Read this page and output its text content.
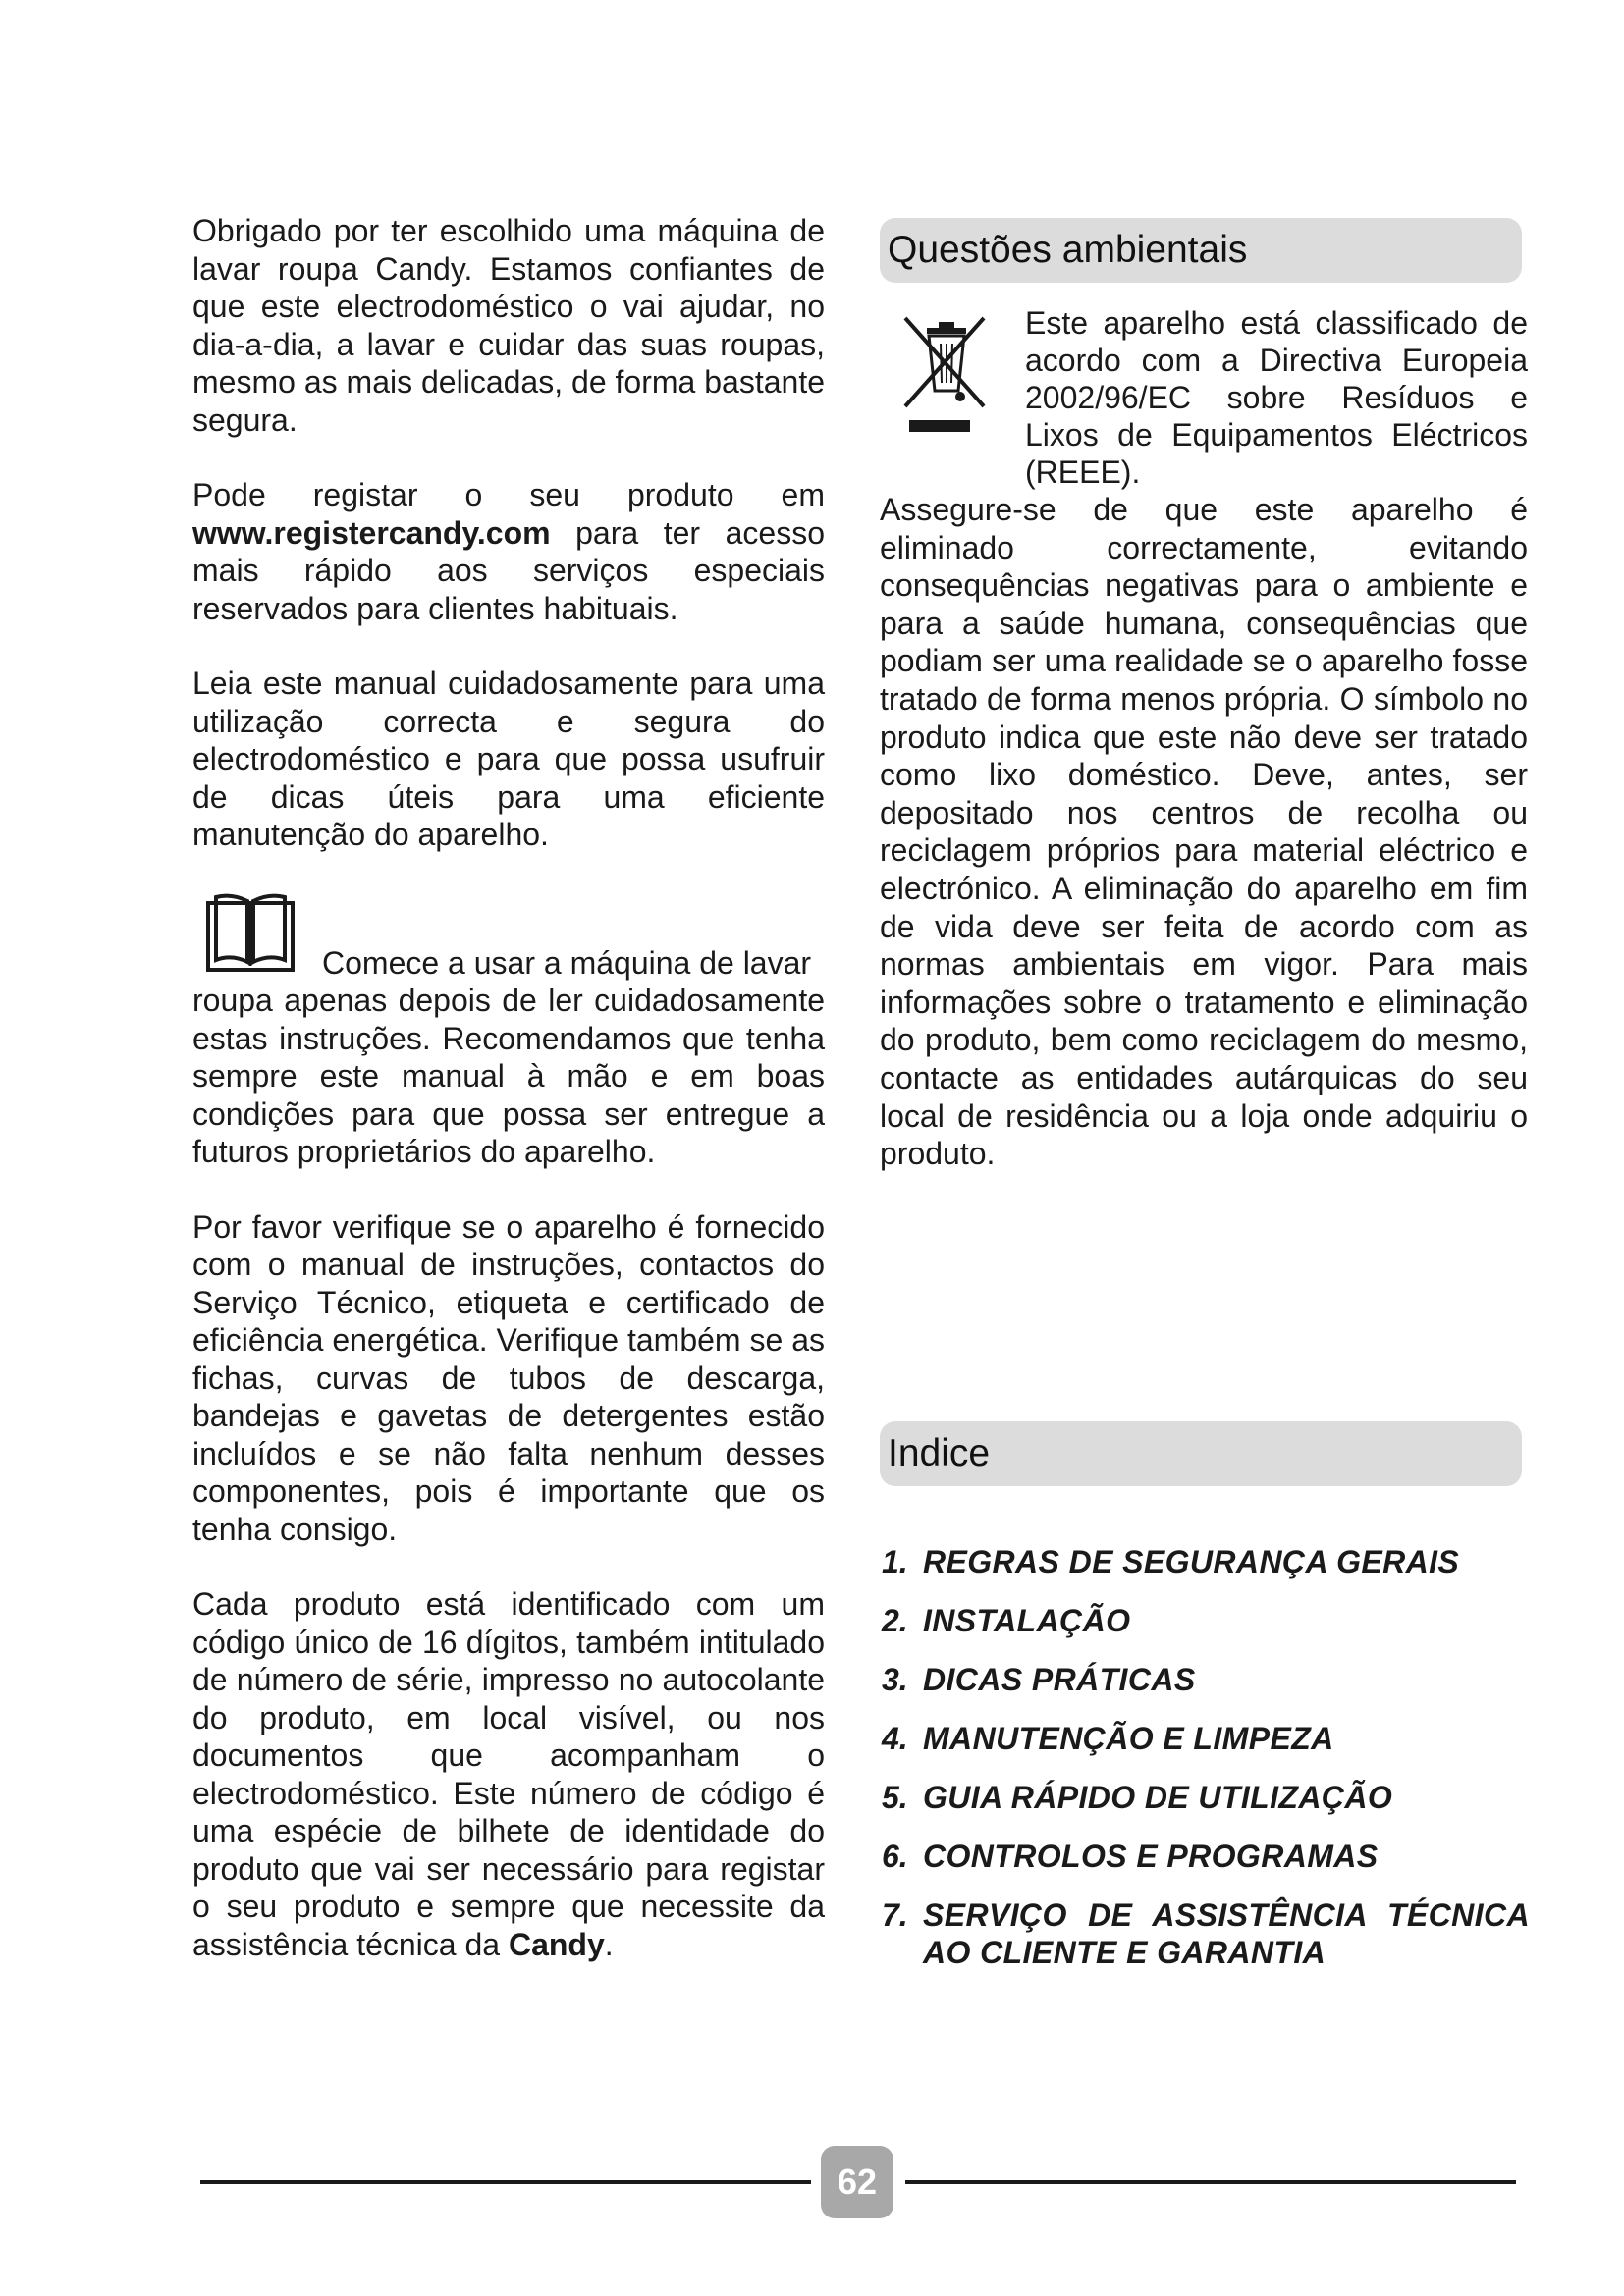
Obrigado por ter escolhido uma máquina de lavar roupa Candy. Estamos confiantes de que este electrodoméstico o vai ajudar, no dia-a-dia, a lavar e cuidar das suas roupas, mesmo as mais delicadas, de forma bastante segura.

Pode registar o seu produto em www.registercandy.com para ter acesso mais rápido aos serviços especiais reservados para clientes habituais.

Leia este manual cuidadosamente para uma utilização correcta e segura do electrodoméstico e para que possa usufruir de dicas úteis para uma eficiente manutenção do aparelho.

Comece a usar a máquina de lavar

roupa apenas depois de ler cuidadosamente estas instruções. Recomendamos que tenha sempre este manual à mão e em boas condições para que possa ser entregue a futuros proprietários do aparelho.

Por favor verifique se o aparelho é fornecido com o manual de instruções, contactos do Serviço Técnico, etiqueta e certificado de eficiência energética. Verifique também se as fichas, curvas de tubos de descarga, bandejas e gavetas de detergentes estão incluídos e se não falta nenhum desses componentes, pois é importante que os tenha consigo.

Cada produto está identificado com um código único de 16 dígitos, também intitulado de número de série, impresso no autocolante do produto, em local visível, ou nos documentos que acompanham o electrodoméstico. Este número de código é uma espécie de bilhete de identidade do produto que vai ser necessário para registar o seu produto e sempre que necessite da assistência técnica da Candy.

Questões ambientais
Este aparelho está classificado de acordo com a Directiva Europeia 2002/96/EC sobre Resíduos e Lixos de Equipamentos Eléctricos (REEE).

Assegure-se de que este aparelho é eliminado correctamente, evitando consequências negativas para o ambiente e para a saúde humana, consequências que podiam ser uma realidade se o aparelho fosse tratado de forma menos própria. O símbolo no produto indica que este não deve ser tratado como lixo doméstico. Deve, antes, ser depositado nos centros de recolha ou reciclagem próprios para material eléctrico e electrónico. A eliminação do aparelho em fim de vida deve ser feita de acordo com as normas ambientais em vigor. Para mais informações sobre o tratamento e eliminação do produto, bem como reciclagem do mesmo, contacte as entidades autárquicas do seu local de residência ou a loja onde adquiriu o produto.

Indice
1. REGRAS DE SEGURANÇA GERAIS
2. INSTALAÇÃO
3. DICAS PRÁTICAS
4. MANUTENÇÃO E LIMPEZA
5. GUIA RÁPIDO DE UTILIZAÇÃO
6. CONTROLOS E PROGRAMAS
7. SERVIÇO DE ASSISTÊNCIA TÉCNICA AO CLIENTE E GARANTIA
62
